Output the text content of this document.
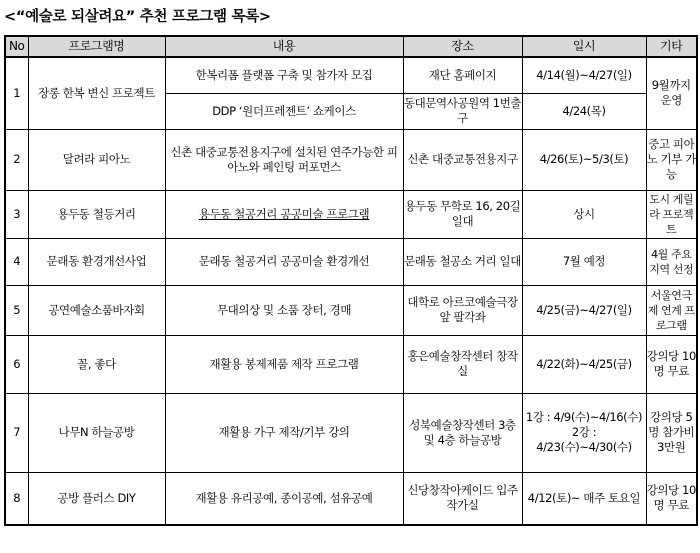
<“예술로 되살려요” 추천 프로그램 목록>
No	프로그램명	내용	장소	일시	기타
1	장롱 한복 변신 프로젝트	한복리폼 플랫폼 구축 및 참가자 모집	재단 홈페이지	4/14(월)~4/27(일)	9월까지 운영
		DDP ‘원더프레젠트’ 쇼케이스	동대문역사공원역 1번출구	4/24(목)	
2	달려라 피아노	신촌 대중교통전용지구에 설치된 연주가능한 피아노와 페인팅 퍼포먼스	신촌 대중교통전용지구	4/26(토)~5/3(토)	중고 피아노 기부 가능
3	용두동 철등거리	용두동 철공거리 공공미술 프로그램	용두동 무학로 16, 20길 일대	상시	도시 게릴라 프로젝트
4	문래동 환경개선사업	문래동 철공거리 공공미술 환경개선	문래동 철공소 거리 일대	7월 예정	4월 주요지역 선정
5	공연예술소품바자회	무대의상 및 소품 장터, 경매	대학로 아르코예술극장 앞 팔각좌	4/25(금)~4/27(일)	서울연극제 연계 프로그램
6	꼴, 좋다	재활용 봉제제품 제작 프로그램	홍은예술창작센터 창작실	4/22(화)~4/25(금)	강의당 10명 무료
7	나무N 하늘공방	재활용 가구 제작/기부 강의	성북예술창작센터 3층 및 4층 하늘공방	1강 : 4/9(수)~4/16(수) 2강 : 4/23(수)~4/30(수)	강의당 5명 참가비 3만원
8	공방 플러스 DIY	재활용 유리공예, 종이공예, 섬유공예	신당창작아케이드 입주작가실	4/12(토)~ 매주 토요일	강의당 10명 무료
